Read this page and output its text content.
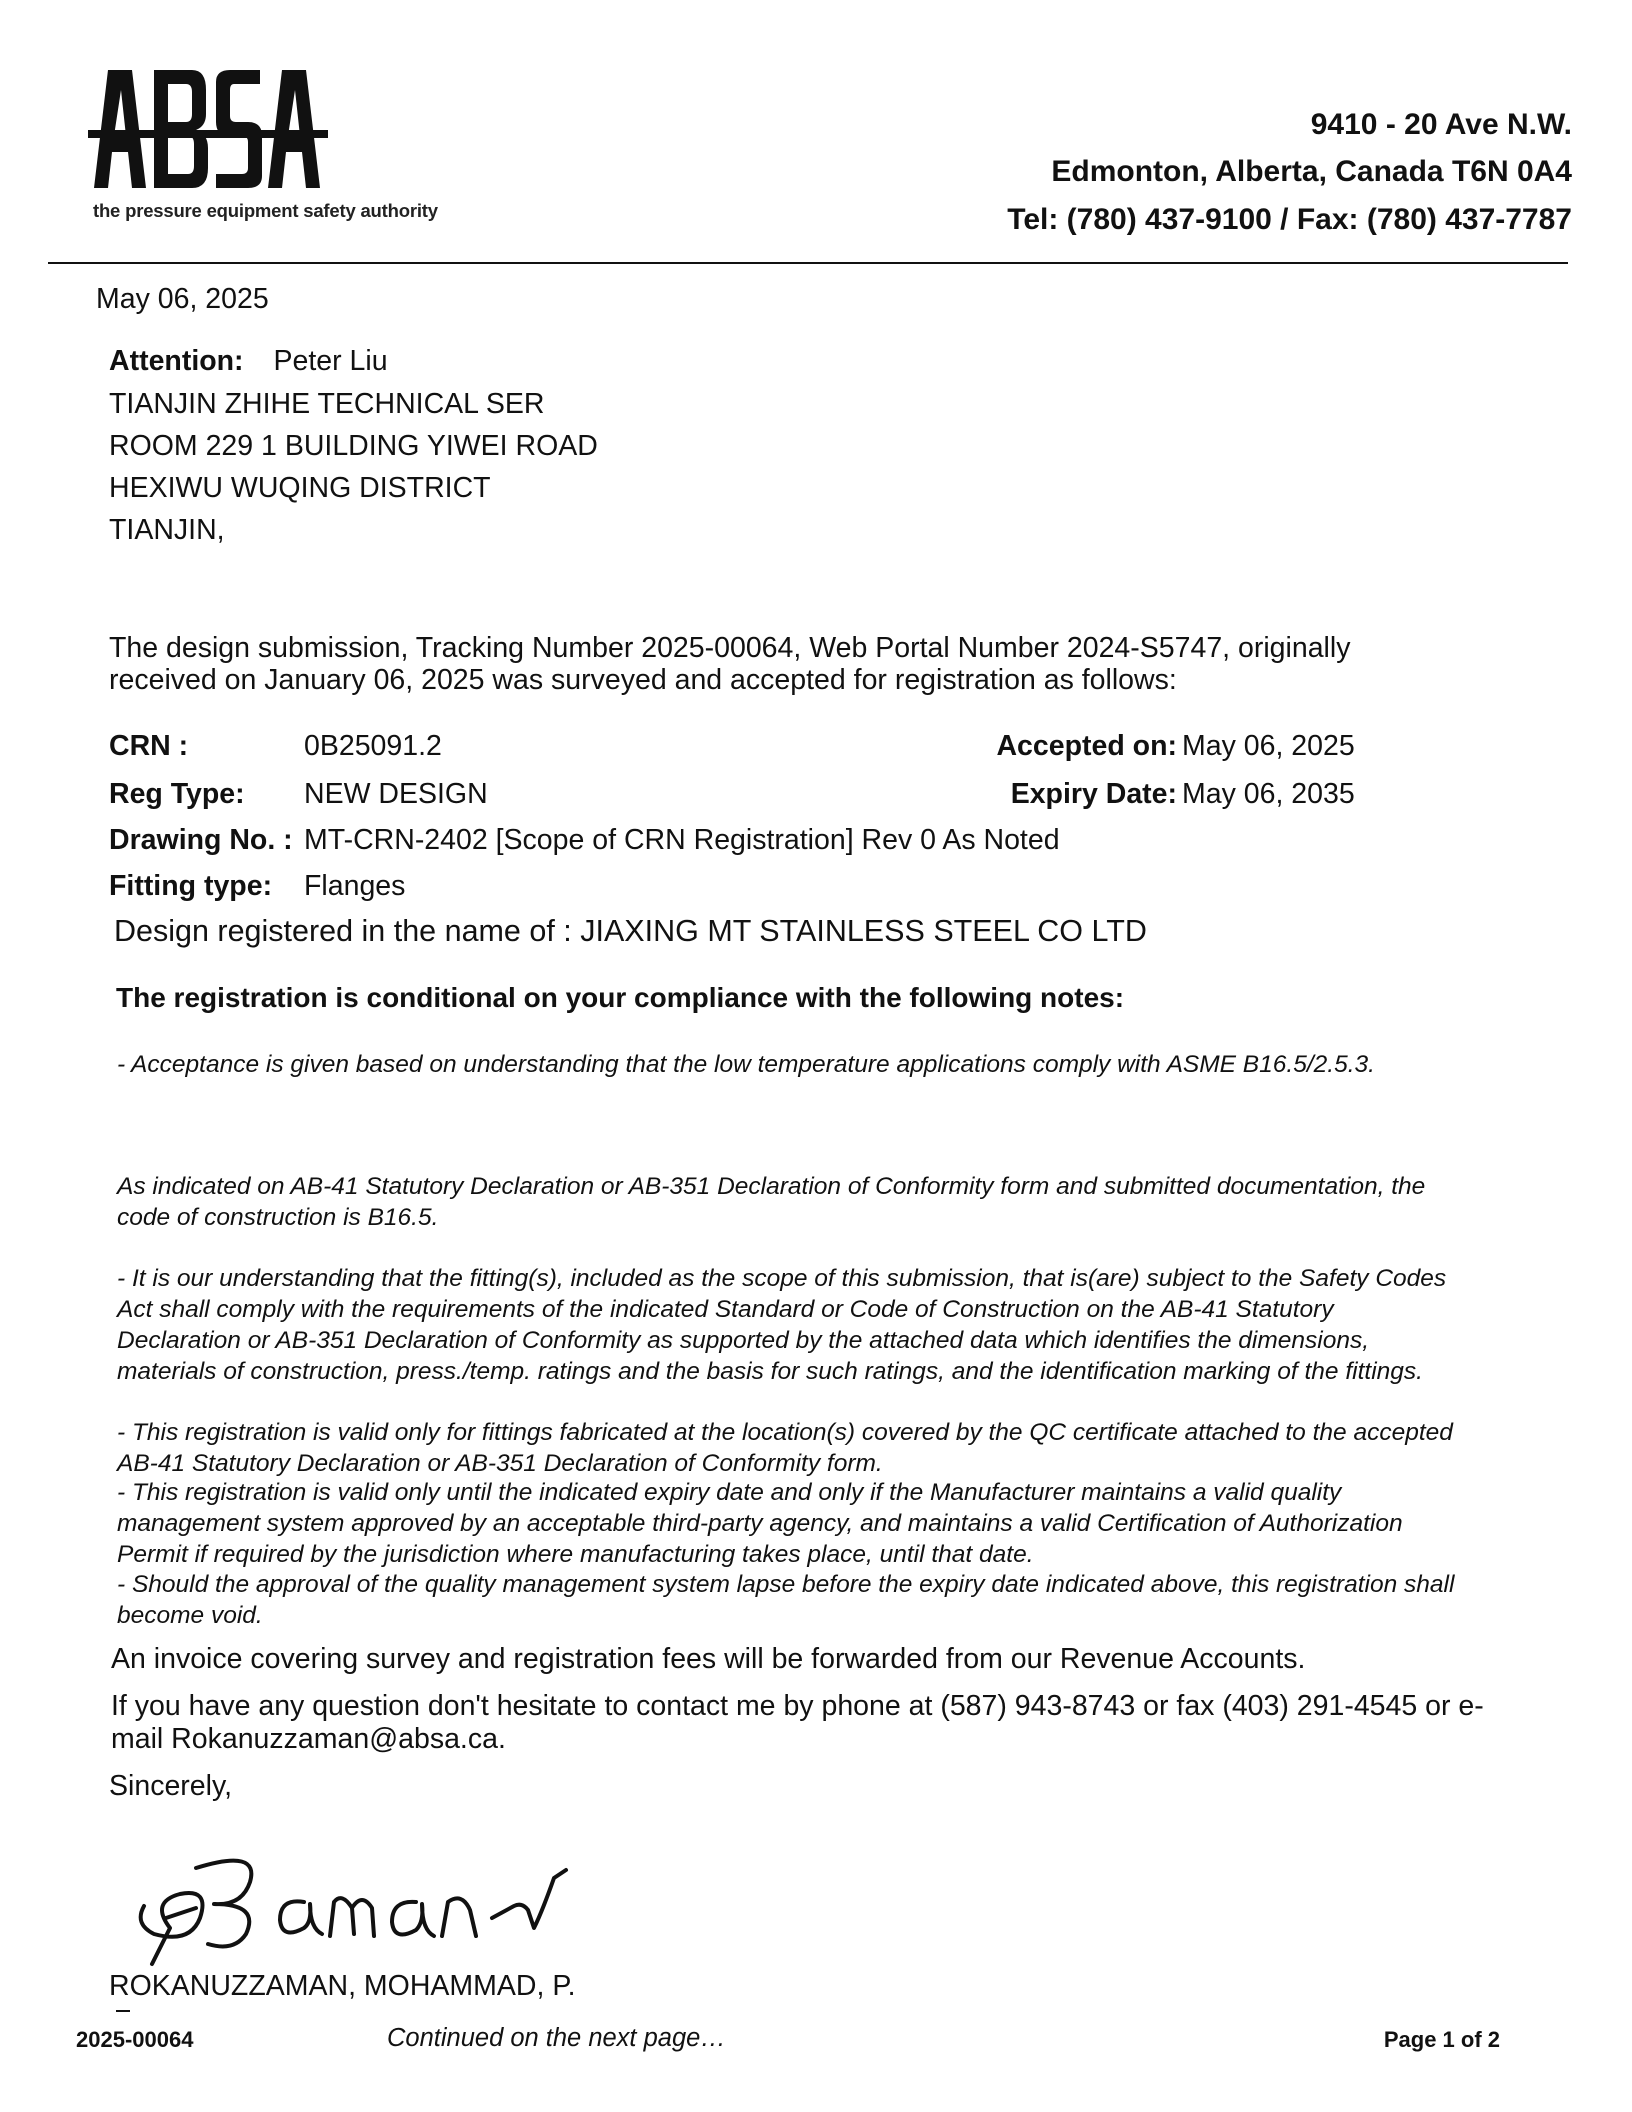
the pressure equipment safety authority
9410 - 20 Ave N.W.
Edmonton, Alberta, Canada T6N 0A4
Tel: (780) 437-9100 / Fax: (780) 437-7787
May 06, 2025
Attention: Peter Liu
TIANJIN ZHIHE TECHNICAL SER
ROOM 229 1 BUILDING YIWEI ROAD
HEXIWU WUQING DISTRICT
TIANJIN,
The design submission, Tracking Number 2025-00064, Web Portal Number 2024-S5747, originally
received on January 06, 2025 was surveyed and accepted for registration as follows:
CRN :	0B25091.2	Accepted on: May 06, 2025
Reg Type: NEW DESIGN	Expiry Date: May 06, 2035
Drawing No. : MT-CRN-2402 [Scope of CRN Registration] Rev 0 As Noted
Fitting type: Flanges
Design registered in the name of : JIAXING MT STAINLESS STEEL CO LTD
The registration is conditional on your compliance with the following notes:
- Acceptance is given based on understanding that the low temperature applications comply with ASME B16.5/2.5.3.
As indicated on AB-41 Statutory Declaration or AB-351 Declaration of Conformity form and submitted documentation, the code of construction is B16.5.
- It is our understanding that the fitting(s), included as the scope of this submission, that is(are) subject to the Safety Codes Act shall comply with the requirements of the indicated Standard or Code of Construction on the AB-41 Statutory Declaration or AB-351 Declaration of Conformity as supported by the attached data which identifies the dimensions, materials of construction, press./temp. ratings and the basis for such ratings, and the identification marking of the fittings.
- This registration is valid only for fittings fabricated at the location(s) covered by the QC certificate attached to the accepted AB-41 Statutory Declaration or AB-351 Declaration of Conformity form.
- This registration is valid only until the indicated expiry date and only if the Manufacturer maintains a valid quality management system approved by an acceptable third-party agency, and maintains a valid Certification of Authorization Permit if required by the jurisdiction where manufacturing takes place, until that date.
- Should the approval of the quality management system lapse before the expiry date indicated above, this registration shall become void.
An invoice covering survey and registration fees will be forwarded from our Revenue Accounts.
If you have any question don't hesitate to contact me by phone at (587) 943-8743 or fax (403) 291-4545 or e-mail Rokanuzzaman@absa.ca.
Sincerely,
ROKANUZZAMAN, MOHAMMAD, P.
2025-00064	Continued on the next page…	Page 1 of 2
